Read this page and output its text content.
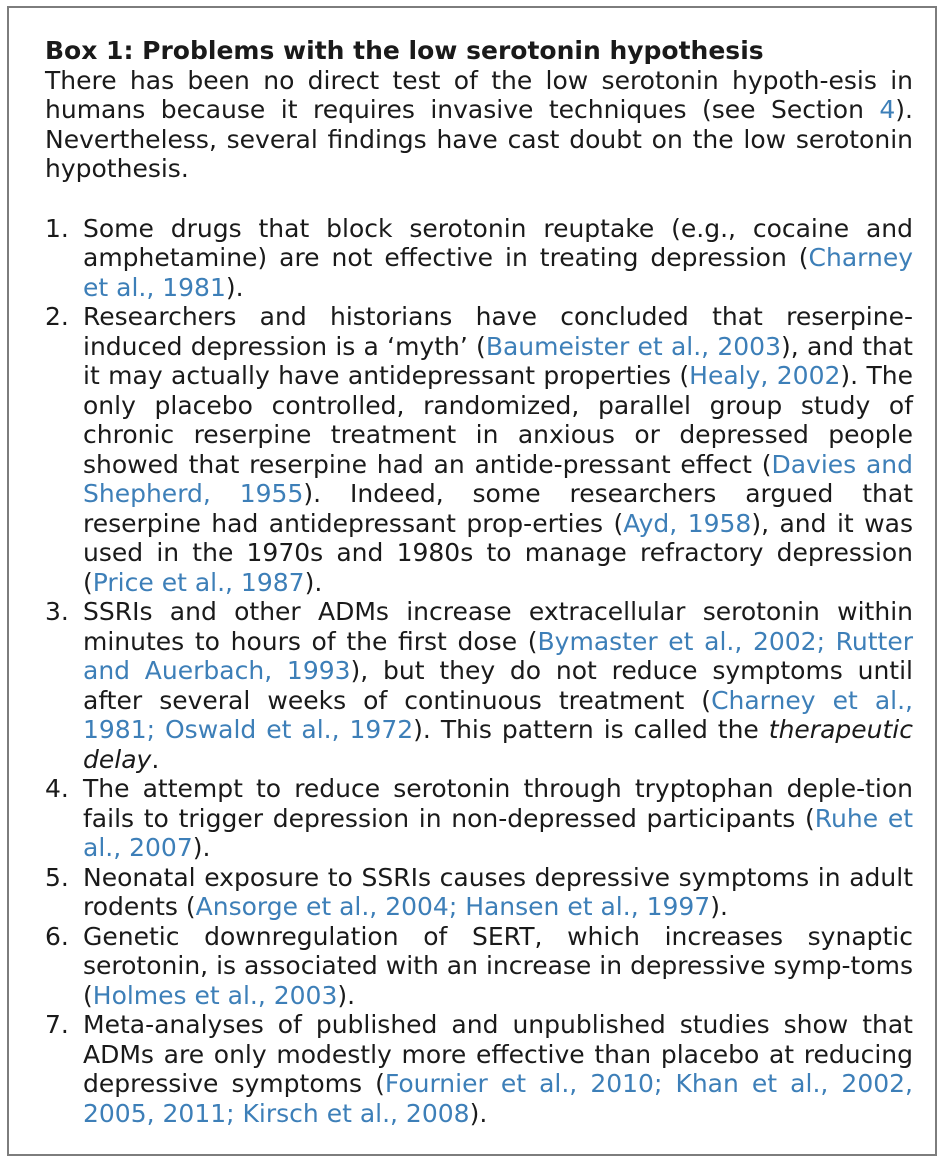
Box 1: Problems with the low serotonin hypothesis

There has been no direct test of the low serotonin hypoth-esis in humans because it requires invasive techniques (see Section 4). Nevertheless, several findings have cast doubt on the low serotonin hypothesis.

1. Some drugs that block serotonin reuptake (e.g., cocaine and amphetamine) are not effective in treating depression (Charney et al., 1981).
2. Researchers and historians have concluded that reserpine-induced depression is a ‘myth’ (Baumeister et al., 2003), and that it may actually have antidepressant properties (Healy, 2002). The only placebo controlled, randomized, parallel group study of chronic reserpine treatment in anxious or depressed people showed that reserpine had an antide-pressant effect (Davies and Shepherd, 1955). Indeed, some researchers argued that reserpine had antidepressant prop-erties (Ayd, 1958), and it was used in the 1970s and 1980s to manage refractory depression (Price et al., 1987).
3. SSRIs and other ADMs increase extracellular serotonin within minutes to hours of the first dose (Bymaster et al., 2002; Rutter and Auerbach, 1993), but they do not reduce symptoms until after several weeks of continuous treatment (Charney et al., 1981; Oswald et al., 1972). This pattern is called the therapeutic delay.
4. The attempt to reduce serotonin through tryptophan deple-tion fails to trigger depression in non-depressed participants (Ruhe et al., 2007).
5. Neonatal exposure to SSRIs causes depressive symptoms in adult rodents (Ansorge et al., 2004; Hansen et al., 1997).
6. Genetic downregulation of SERT, which increases synaptic serotonin, is associated with an increase in depressive symp-toms (Holmes et al., 2003).
7. Meta-analyses of published and unpublished studies show that ADMs are only modestly more effective than placebo at reducing depressive symptoms (Fournier et al., 2010; Khan et al., 2002, 2005, 2011; Kirsch et al., 2008).
